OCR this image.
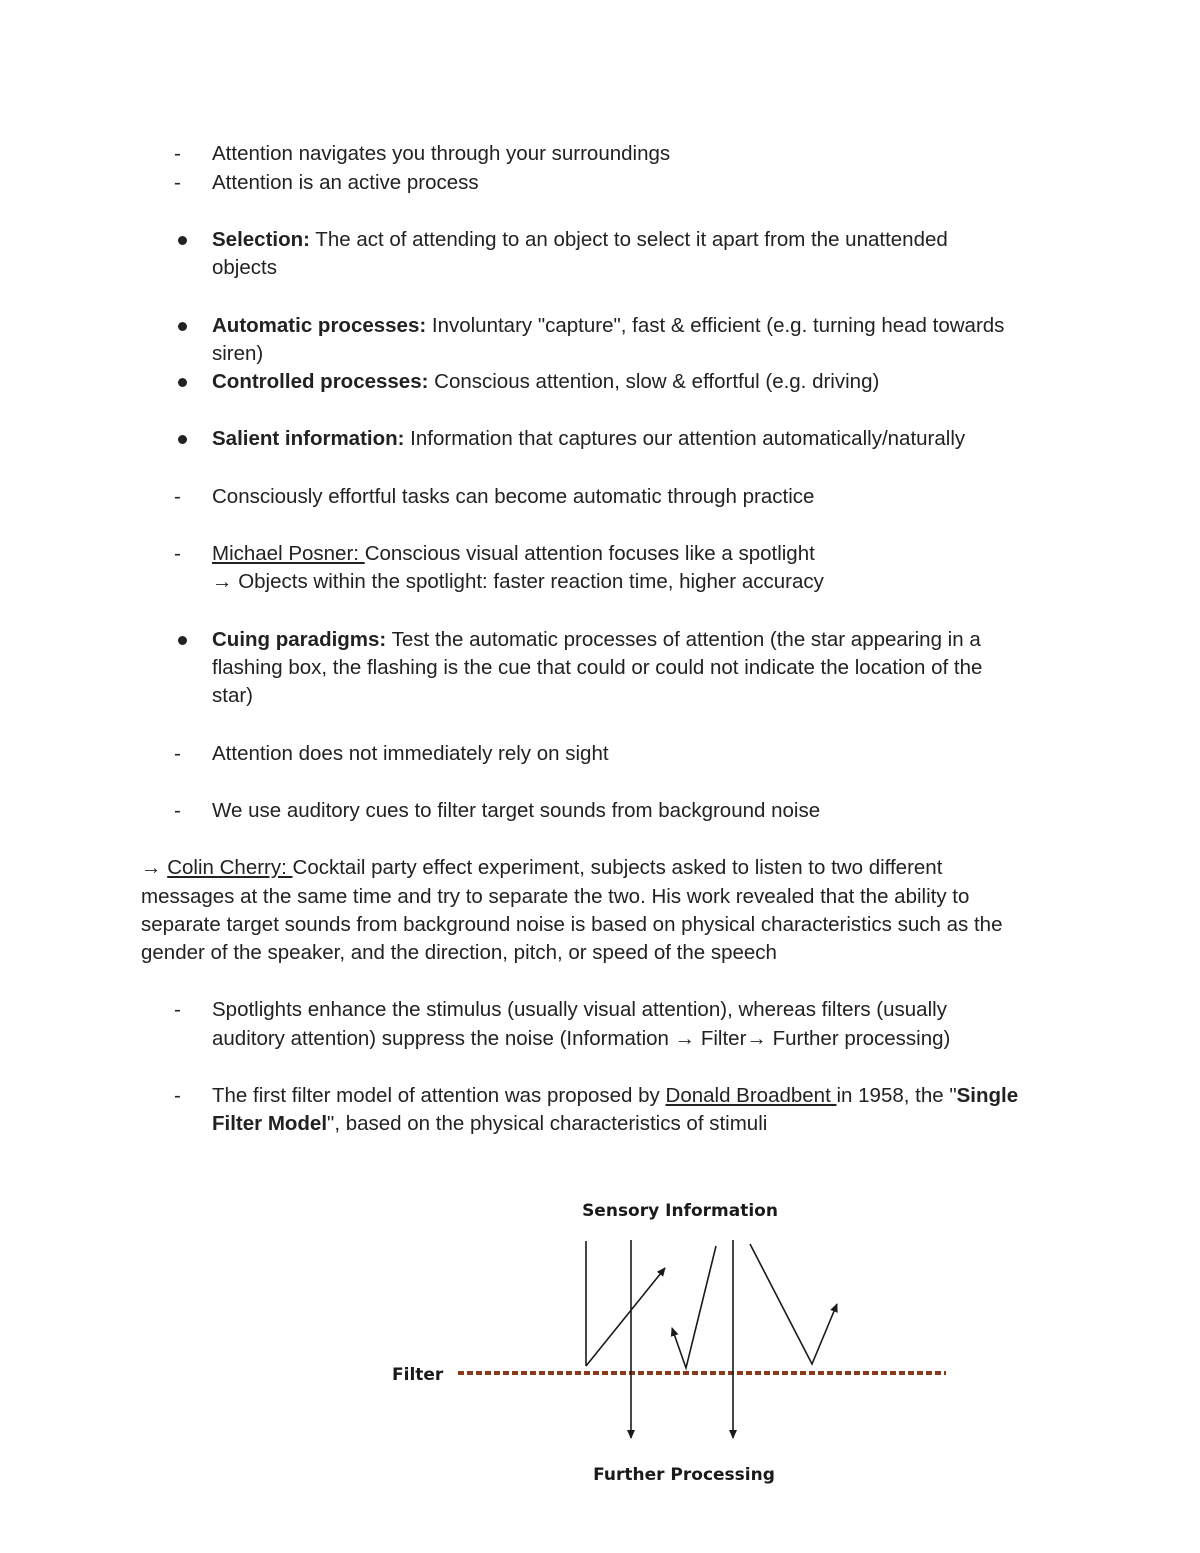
- Attention navigates you through your surroundings
- Attention is an active process
Selection: The act of attending to an object to select it apart from the unattended
objects
Automatic processes: Involuntary "capture", fast & efficient (e.g. turning head towards
siren)
Controlled processes: Conscious attention, slow & effortful (e.g. driving)
Salient information: Information that captures our attention automatically/naturally
- Consciously effortful tasks can become automatic through practice
- Michael Posner: Conscious visual attention focuses like a spotlight
→ Objects within the spotlight: faster reaction time, higher accuracy
Cuing paradigms: Test the automatic processes of attention (the star appearing in a
flashing box, the flashing is the cue that could or could not indicate the location of the
star)
- Attention does not immediately rely on sight
- We use auditory cues to filter target sounds from background noise
→ Colin Cherry: Cocktail party effect experiment, subjects asked to listen to two different
messages at the same time and try to separate the two. His work revealed that the ability to
separate target sounds from background noise is based on physical characteristics such as the
gender of the speaker, and the direction, pitch, or speed of the speech
- Spotlights enhance the stimulus (usually visual attention), whereas filters (usually
auditory attention) suppress the noise (Information → Filter→ Further processing)
- The first filter model of attention was proposed by Donald Broadbent in 1958, the "Single
Filter Model", based on the physical characteristics of stimuli
Sensory Information
Filter
Further Processing
